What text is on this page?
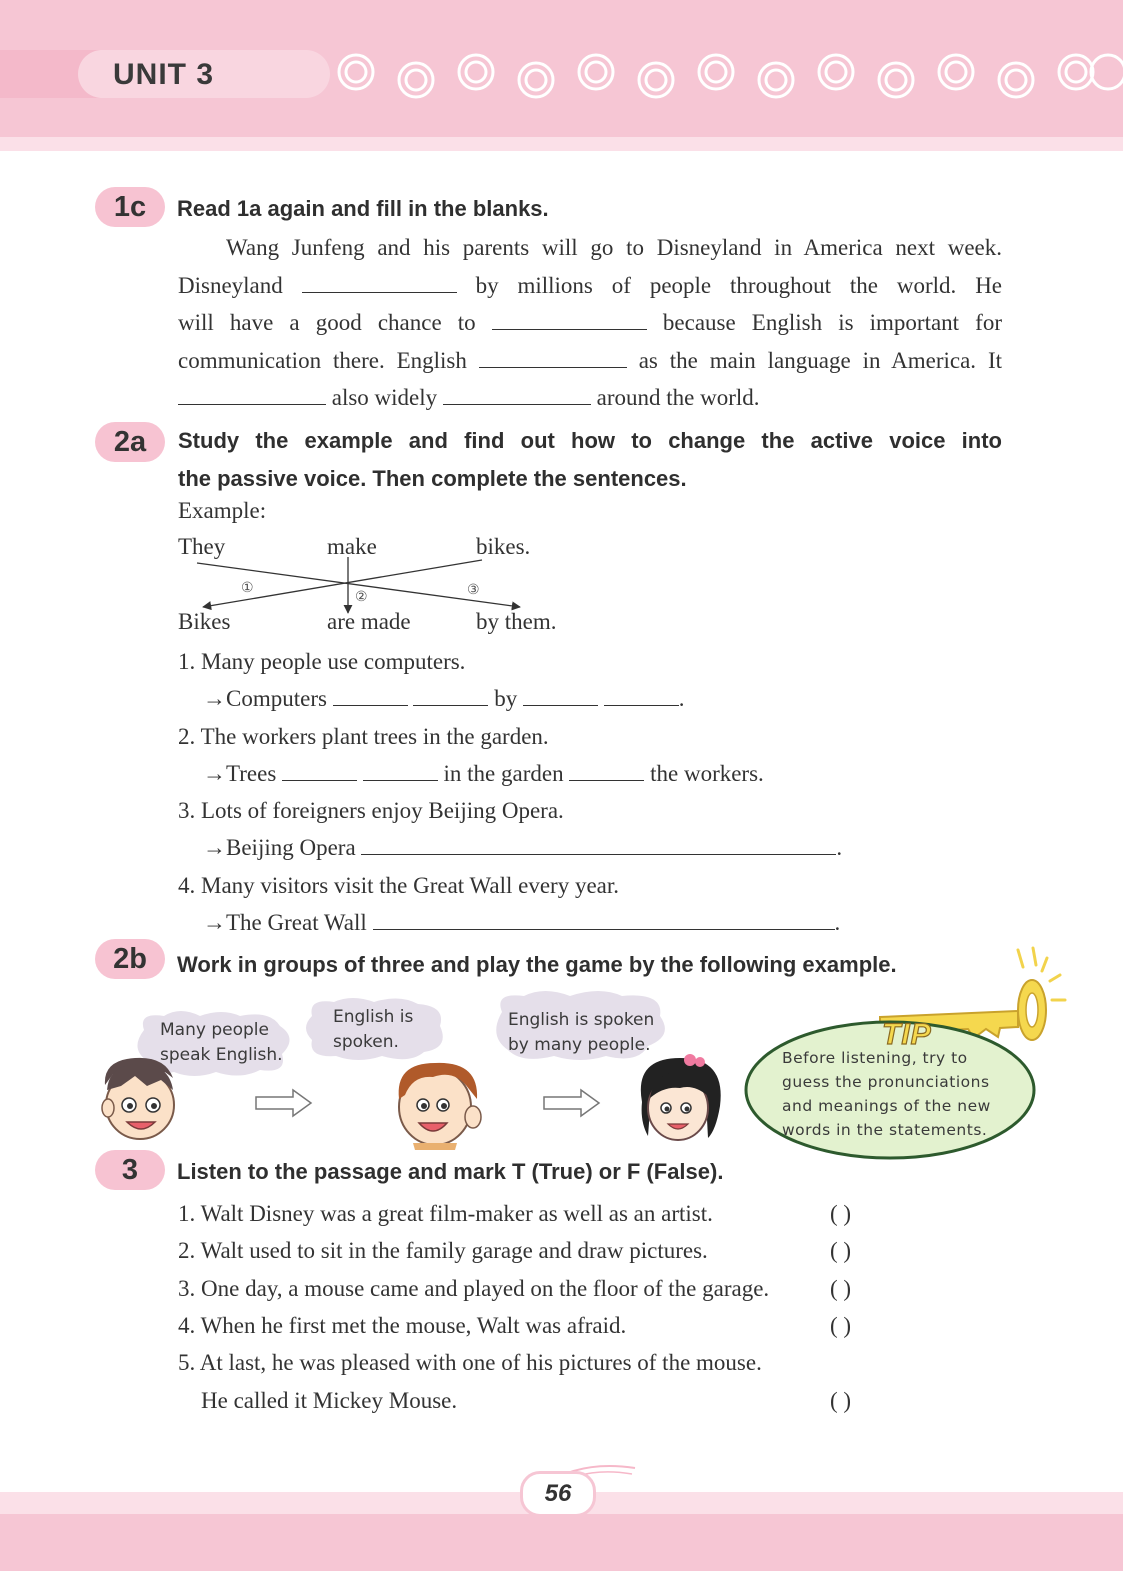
UNIT 3
1c	Read 1a again and fill in the blanks.
Wang Junfeng and his parents will go to Disneyland in America next week.
Disneyland	by millions of people throughout the world. He
will have a good chance to	because English is important for
communication there. English	as the main language in America. It
also widely	around the world.
2a	Study the example and find out how to change the active voice into
the passive voice. Then complete the sentences.
Example:
They	make	bikes.
①
②	③
Bikes	are made	by them.
1. Many people use computers.
→Computers	by	.
2. The workers plant trees in the garden.
→Trees	in the garden	the workers.
3. Lots of foreigners enjoy Beijing Opera.
→Beijing Opera	.
4. Many visitors visit the Great Wall every year.
→The Great Wall	.
2b	Work in groups of three and play the game by the following example.
Many people
speak English.
English is
spoken.
English is spoken
by many people.	TIP
Before listening, try to
guess the pronunciations
and meanings of the new
words in the statements.
3	Listen to the passage and mark T (True) or F (False).
1. Walt Disney was a great film-maker as well as an artist.	( )
2. Walt used to sit in the family garage and draw pictures.	( )
3. One day, a mouse came and played on the floor of the garage.	( )
4. When he first met the mouse, Walt was afraid.	( )
5. At last, he was pleased with one of his pictures of the mouse.
He called it Mickey Mouse.	( )
56
